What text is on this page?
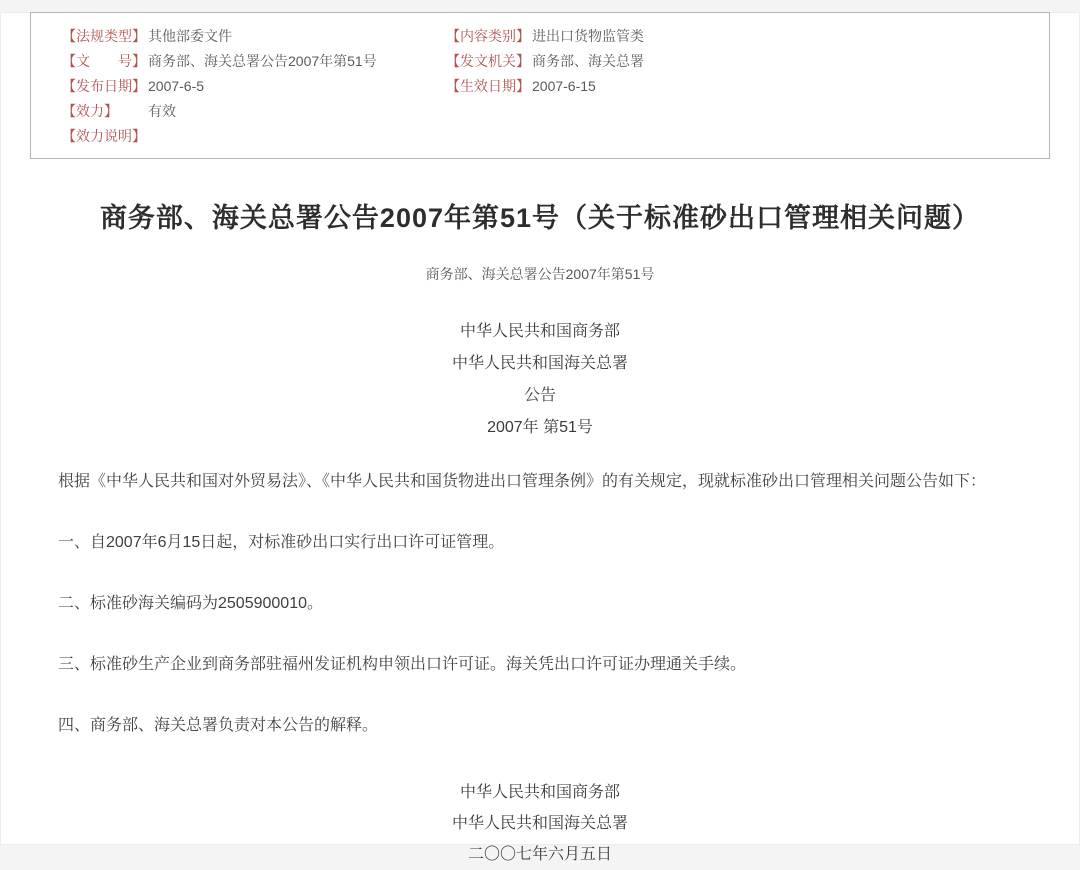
【法规类型】 其他部委文件	【内容类别】 进出口货物监管类
【文　　号】 商务部、海关总署公告2007年第51号	【发文机关】 商务部、海关总署
【发布日期】 2007-6-5	【生效日期】 2007-6-15
【效力】	有效
【效力说明】
商务部、海关总署公告2007年第51号（关于标准砂出口管理相关问题）
商务部、海关总署公告2007年第51号
中华人民共和国商务部
中华人民共和国海关总署
公告
2007年 第51号

根据《中华人民共和国对外贸易法》、《中华人民共和国货物进出口管理条例》的有关规定，现就标准砂出口管理相关问题公告如下：

一、自2007年6月15日起，对标准砂出口实行出口许可证管理。

二、标准砂海关编码为2505900010。

三、标准砂生产企业到商务部驻福州发证机构申领出口许可证。海关凭出口许可证办理通关手续。

四、商务部、海关总署负责对本公告的解释。

中华人民共和国商务部
中华人民共和国海关总署
二〇〇七年六月五日
